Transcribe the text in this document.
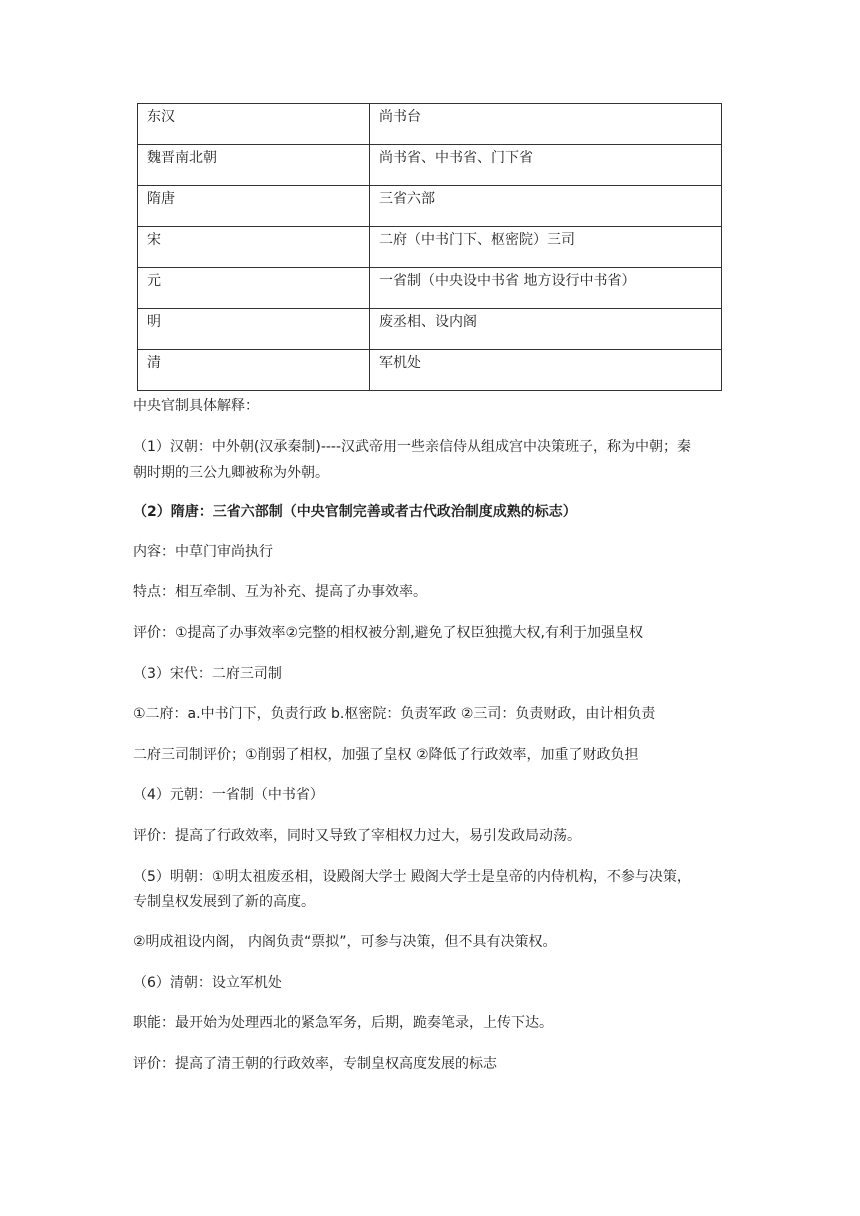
东汉	尚书台
魏晋南北朝	尚书省、中书省、门下省
隋唐	三省六部
宋	二府（中书门下、枢密院）三司
元	一省制（中央设中书省 地方设行中书省）
明	废丞相、设内阁
清	军机处
中央官制具体解释：
（1）汉朝：中外朝(汉承秦制)----汉武帝用一些亲信侍从组成宫中决策班子，称为中朝；秦
朝时期的三公九卿被称为外朝。
（2）隋唐：三省六部制（中央官制完善或者古代政治制度成熟的标志）
内容：中草门审尚执行
特点：相互牵制、互为补充、提高了办事效率。
评价：①提高了办事效率②完整的相权被分割,避免了权臣独揽大权,有利于加强皇权
（3）宋代：二府三司制
①二府：a.中书门下，负责行政 b.枢密院：负责军政 ②三司：负责财政，由计相负责
二府三司制评价；①削弱了相权，加强了皇权 ②降低了行政效率，加重了财政负担
（4）元朝：一省制（中书省）
评价：提高了行政效率，同时又导致了宰相权力过大，易引发政局动荡。
（5）明朝：①明太祖废丞相，设殿阁大学士 殿阁大学士是皇帝的内侍机构，不参与决策，
专制皇权发展到了新的高度。
②明成祖设内阁， 内阁负责“票拟”，可参与决策，但不具有决策权。
（6）清朝：设立军机处
职能：最开始为处理西北的紧急军务，后期，跪奏笔录，上传下达。
评价：提高了清王朝的行政效率，专制皇权高度发展的标志
